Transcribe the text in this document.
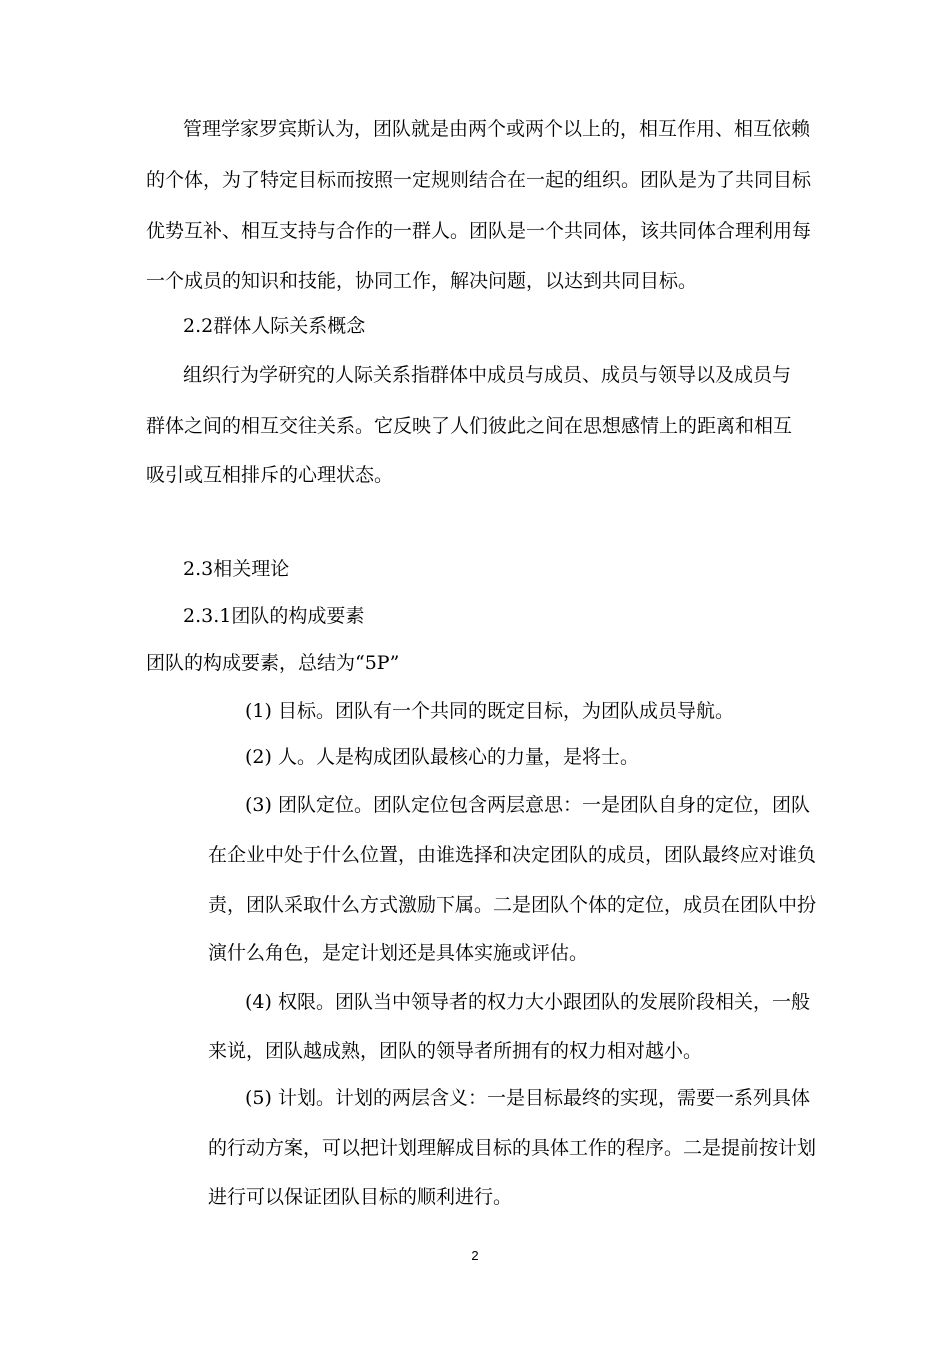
管理学家罗宾斯认为，团队就是由两个或两个以上的，相互作用、相互依赖
的个体，为了特定目标而按照一定规则结合在一起的组织。团队是为了共同目标
优势互补、相互支持与合作的一群人。团队是一个共同体，该共同体合理利用每
一个成员的知识和技能，协同工作，解决问题，以达到共同目标。
2.2群体人际关系概念
组织行为学研究的人际关系指群体中成员与成员、成员与领导以及成员与
群体之间的相互交往关系。它反映了人们彼此之间在思想感情上的距离和相互
吸引或互相排斥的心理状态。
2.3相关理论
2.3.1团队的构成要素
团队的构成要素，总结为“5P”
(1) 目标。团队有一个共同的既定目标，为团队成员导航。
(2) 人。人是构成团队最核心的力量，是将士。
(3) 团队定位。团队定位包含两层意思：一是团队自身的定位，团队
在企业中处于什么位置，由谁选择和决定团队的成员，团队最终应对谁负
责，团队采取什么方式激励下属。二是团队个体的定位，成员在团队中扮
演什么角色，是定计划还是具体实施或评估。
(4) 权限。团队当中领导者的权力大小跟团队的发展阶段相关，一般
来说，团队越成熟，团队的领导者所拥有的权力相对越小。
(5) 计划。计划的两层含义：一是目标最终的实现，需要一系列具体
的行动方案，可以把计划理解成目标的具体工作的程序。二是提前按计划
进行可以保证团队目标的顺利进行。
2
